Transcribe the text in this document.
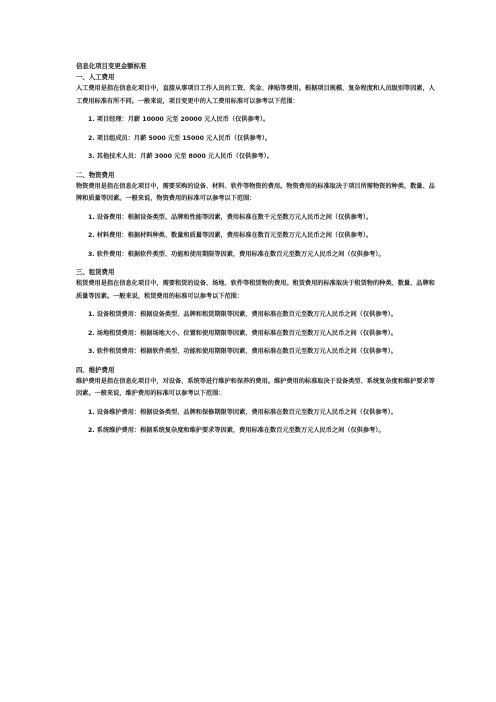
信息化项目变更金额标准

一、人工费用

人工费用是指在信息化项目中，直接从事项目工作人员的工资、奖金、津贴等费用。根据项目规模、复杂程度和人员级别等因素，人工费用标准有所不同。一般来说，项目变更中的人工费用标准可以参考以下范围：

1. 项目经理：月薪 10000 元至 20000 元人民币（仅供参考）。

2. 项目组成员：月薪 5000 元至 15000 元人民币（仅供参考）。

3. 其他技术人员：月薪 3000 元至 8000 元人民币（仅供参考）。

二、物资费用

物资费用是指在信息化项目中，需要采购的设备、材料、软件等物资的费用。物资费用的标准取决于项目所需物资的种类、数量、品牌和质量等因素。一般来说，物资费用的标准可以参考以下范围：

1. 设备费用：根据设备类型、品牌和性能等因素，费用标准在数千元至数万元人民币之间（仅供参考）。

2. 材料费用：根据材料种类、数量和质量等因素，费用标准在数百元至数万元人民币之间（仅供参考）。

3. 软件费用：根据软件类型、功能和使用期限等因素，费用标准在数百元至数万元人民币之间（仅供参考）。

三、租赁费用

租赁费用是指在信息化项目中，需要租赁的设备、场地、软件等租赁物的费用。租赁费用的标准取决于租赁物的种类、数量、品牌和质量等因素。一般来说，租赁费用的标准可以参考以下范围：

1. 设备租赁费用：根据设备类型、品牌和租赁期限等因素，费用标准在数百元至数万元人民币之间（仅供参考）。

2. 场地租赁费用：根据场地大小、位置和使用期限等因素，费用标准在数百元至数万元人民币之间（仅供参考）。

3. 软件租赁费用：根据软件类型、功能和使用期限等因素，费用标准在数百元至数万元人民币之间（仅供参考）。

四、维护费用

维护费用是指在信息化项目中，对设备、系统等进行维护和保养的费用。维护费用的标准取决于设备类型、系统复杂度和维护要求等因素。一般来说，维护费用的标准可以参考以下范围：

1. 设备维护费用：根据设备类型、品牌和保修期限等因素，费用标准在数百元至数万元人民币之间（仅供参考）。

2. 系统维护费用：根据系统复杂度和维护要求等因素，费用标准在数百元至数万元人民币之间（仅供参考）。
